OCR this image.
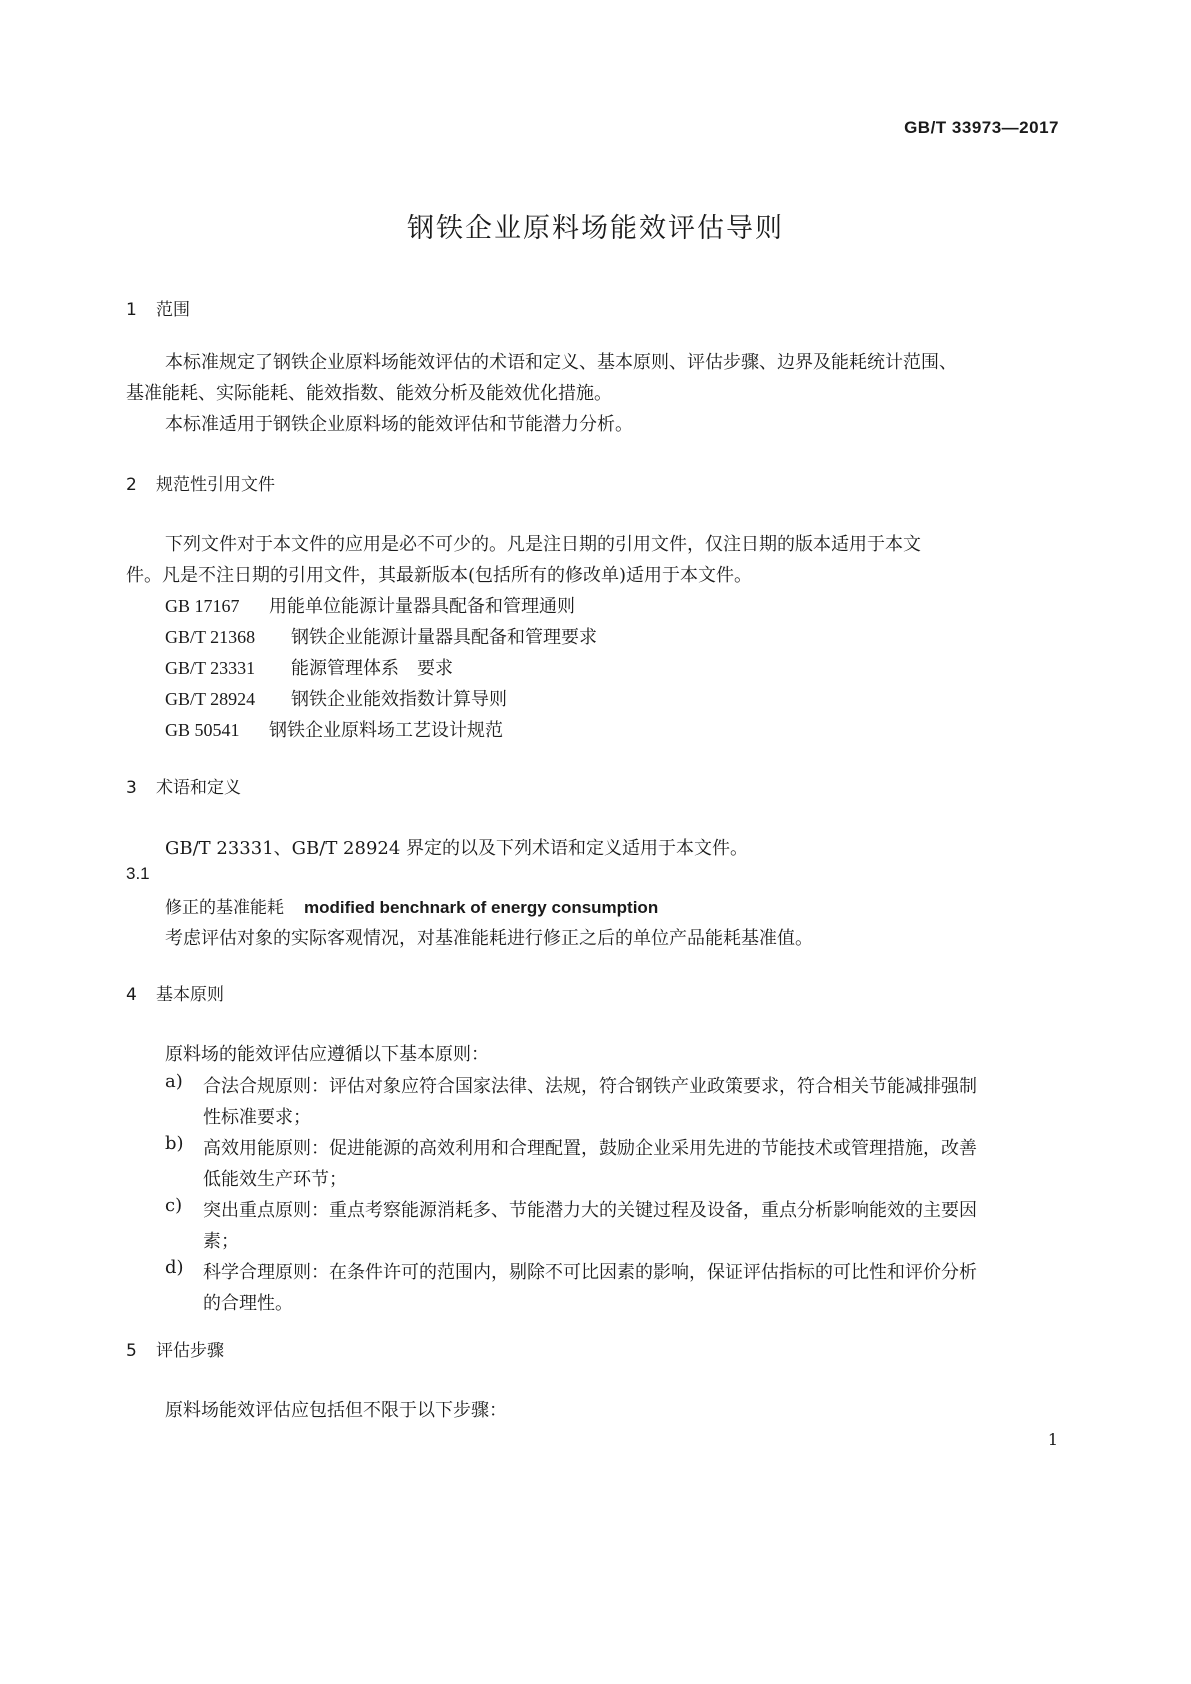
GB/T 33973—2017
钢铁企业原料场能效评估导则
1 范围
本标准规定了钢铁企业原料场能效评估的术语和定义、基本原则、评估步骤、边界及能耗统计范围、
基准能耗、实际能耗、能效指数、能效分析及能效优化措施。
本标准适用于钢铁企业原料场的能效评估和节能潜力分析。
2 规范性引用文件
下列文件对于本文件的应用是必不可少的。凡是注日期的引用文件，仅注日期的版本适用于本文
件。凡是不注日期的引用文件，其最新版本(包括所有的修改单)适用于本文件。
GB 17167 用能单位能源计量器具配备和管理通则
GB/T 21368 钢铁企业能源计量器具配备和管理要求
GB/T 23331 能源管理体系　要求
GB/T 28924 钢铁企业能效指数计算导则
GB 50541 钢铁企业原料场工艺设计规范
3 术语和定义
GB/T 23331、GB/T 28924 界定的以及下列术语和定义适用于本文件。
3.1
修正的基准能耗 modified benchnark of energy consumption
考虑评估对象的实际客观情况，对基准能耗进行修正之后的单位产品能耗基准值。
4 基本原则
原料场的能效评估应遵循以下基本原则：
a) 合法合规原则：评估对象应符合国家法律、法规，符合钢铁产业政策要求，符合相关节能减排强制性标准要求；
b) 高效用能原则：促进能源的高效利用和合理配置，鼓励企业采用先进的节能技术或管理措施，改善低能效生产环节；
c) 突出重点原则：重点考察能源消耗多、节能潜力大的关键过程及设备，重点分析影响能效的主要因素；
d) 科学合理原则：在条件许可的范围内，剔除不可比因素的影响，保证评估指标的可比性和评价分析的合理性。
5 评估步骤
原料场能效评估应包括但不限于以下步骤：
1
